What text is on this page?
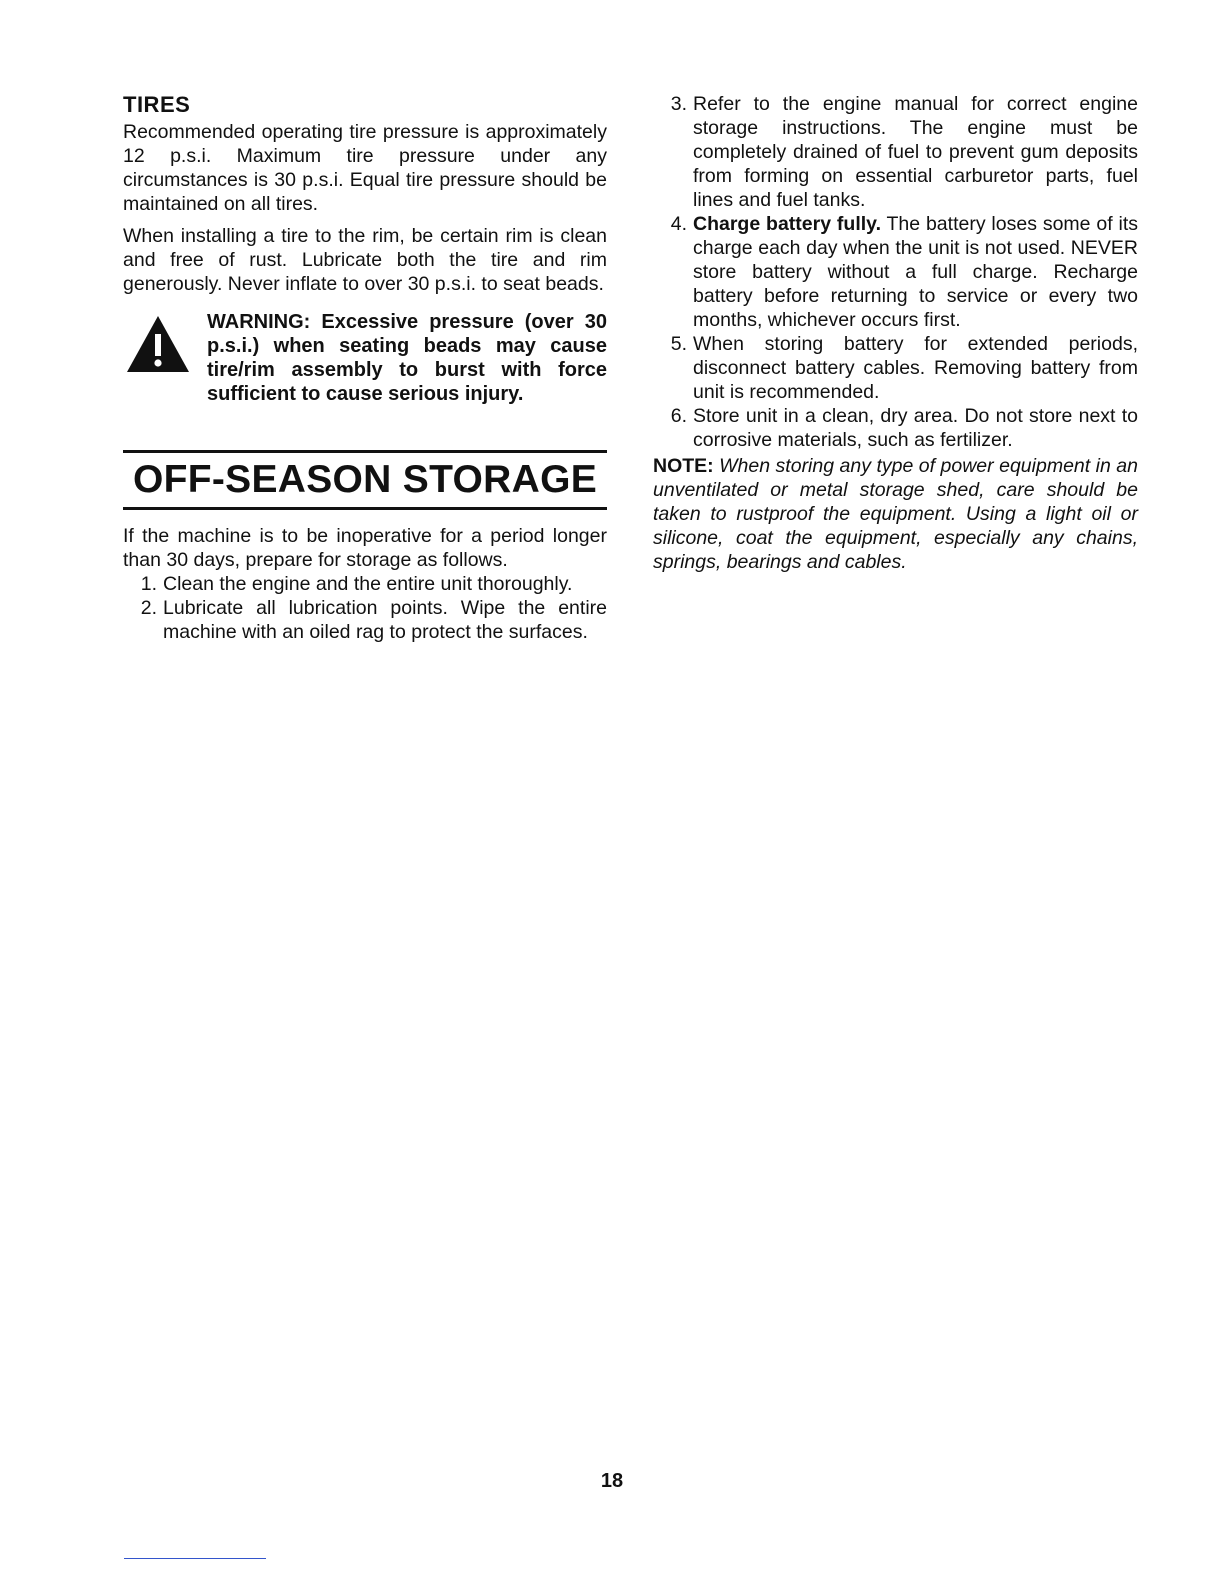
TIRES

Recommended operating tire pressure is approximately 12 p.s.i. Maximum tire pressure under any circumstances is 30 p.s.i. Equal tire pressure should be maintained on all tires.

When installing a tire to the rim, be certain rim is clean and free of rust. Lubricate both the tire and rim generously. Never inflate to over 30 p.s.i. to seat beads.

WARNING: Excessive pressure (over 30 p.s.i.) when seating beads may cause tire/rim assembly to burst with force sufficient to cause serious injury.
OFF-SEASON STORAGE

If the machine is to be inoperative for a period longer than 30 days, prepare for storage as follows.

1. Clean the engine and the entire unit thoroughly.
2. Lubricate all lubrication points. Wipe the entire machine with an oiled rag to protect the surfaces.
3. Refer to the engine manual for correct engine storage instructions. The engine must be completely drained of fuel to prevent gum deposits from forming on essential carburetor parts, fuel lines and fuel tanks.
4. Charge battery fully. The battery loses some of its charge each day when the unit is not used. NEVER store battery without a full charge. Recharge battery before returning to service or every two months, whichever occurs first.
5. When storing battery for extended periods, disconnect battery cables. Removing battery from unit is recommended.
6. Store unit in a clean, dry area. Do not store next to corrosive materials, such as fertilizer.
NOTE: When storing any type of power equipment in an unventilated or metal storage shed, care should be taken to rustproof the equipment. Using a light oil or silicone, coat the equipment, especially any chains, springs, bearings and cables.
18
